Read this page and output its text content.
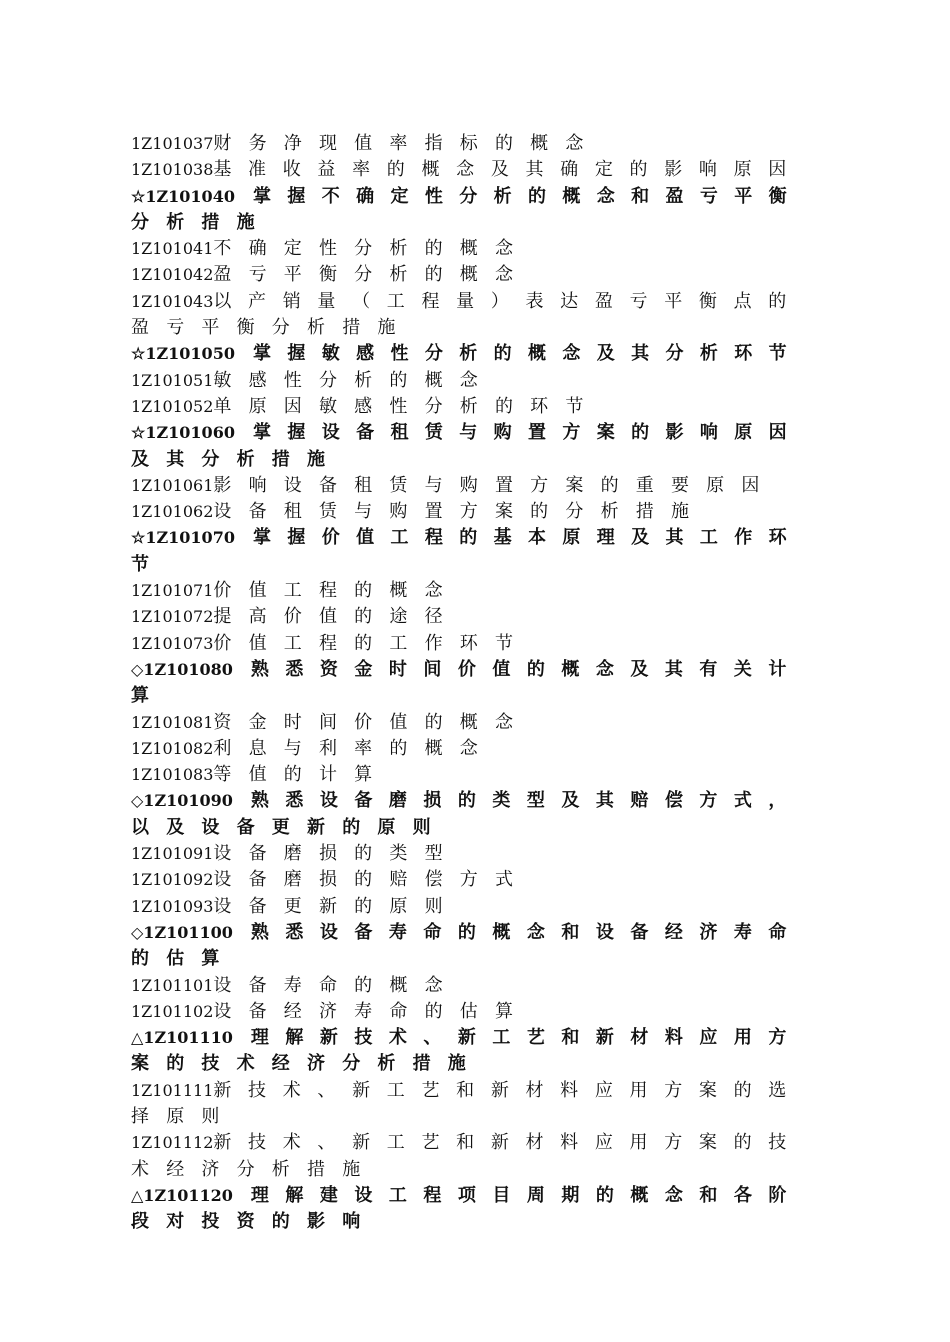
1Z101037财务净现值率指标的概念
1Z101038基准收益率的概念及其确定的影响原因
☆1Z101040 掌握不确定性分析的概念和盈亏平衡
分析措施
1Z101041不确定性分析的概念
1Z101042盈亏平衡分析的概念
1Z101043以产销量（工程量）表达盈亏平衡点的
盈亏平衡分析措施
☆1Z101050 掌握敏感性分析的概念及其分析环节
1Z101051敏感性分析的概念
1Z101052单原因敏感性分析的环节
☆1Z101060 掌握设备租赁与购置方案的影响原因
及其分析措施
1Z101061影响设备租赁与购置方案的重要原因
1Z101062设备租赁与购置方案的分析措施
☆1Z101070 掌握价值工程的基本原理及其工作环
节
1Z101071价值工程的概念
1Z101072提高价值的途径
1Z101073价值工程的工作环节
◇1Z101080 熟悉资金时间价值的概念及其有关计
算
1Z101081资金时间价值的概念
1Z101082利息与利率的概念
1Z101083等值的计算
◇1Z101090 熟悉设备磨损的类型及其赔偿方式，
以及设备更新的原则
1Z101091设备磨损的类型
1Z101092设备磨损的赔偿方式
1Z101093设备更新的原则
◇1Z101100 熟悉设备寿命的概念和设备经济寿命
的估算
1Z101101设备寿命的概念
1Z101102设备经济寿命的估算
△1Z101110 理解新技术、新工艺和新材料应用方
案的技术经济分析措施
1Z101111新技术、新工艺和新材料应用方案的选
择原则
1Z101112新技术、新工艺和新材料应用方案的技
术经济分析措施
△1Z101120 理解建设工程项目周期的概念和各阶
段对投资的影响
